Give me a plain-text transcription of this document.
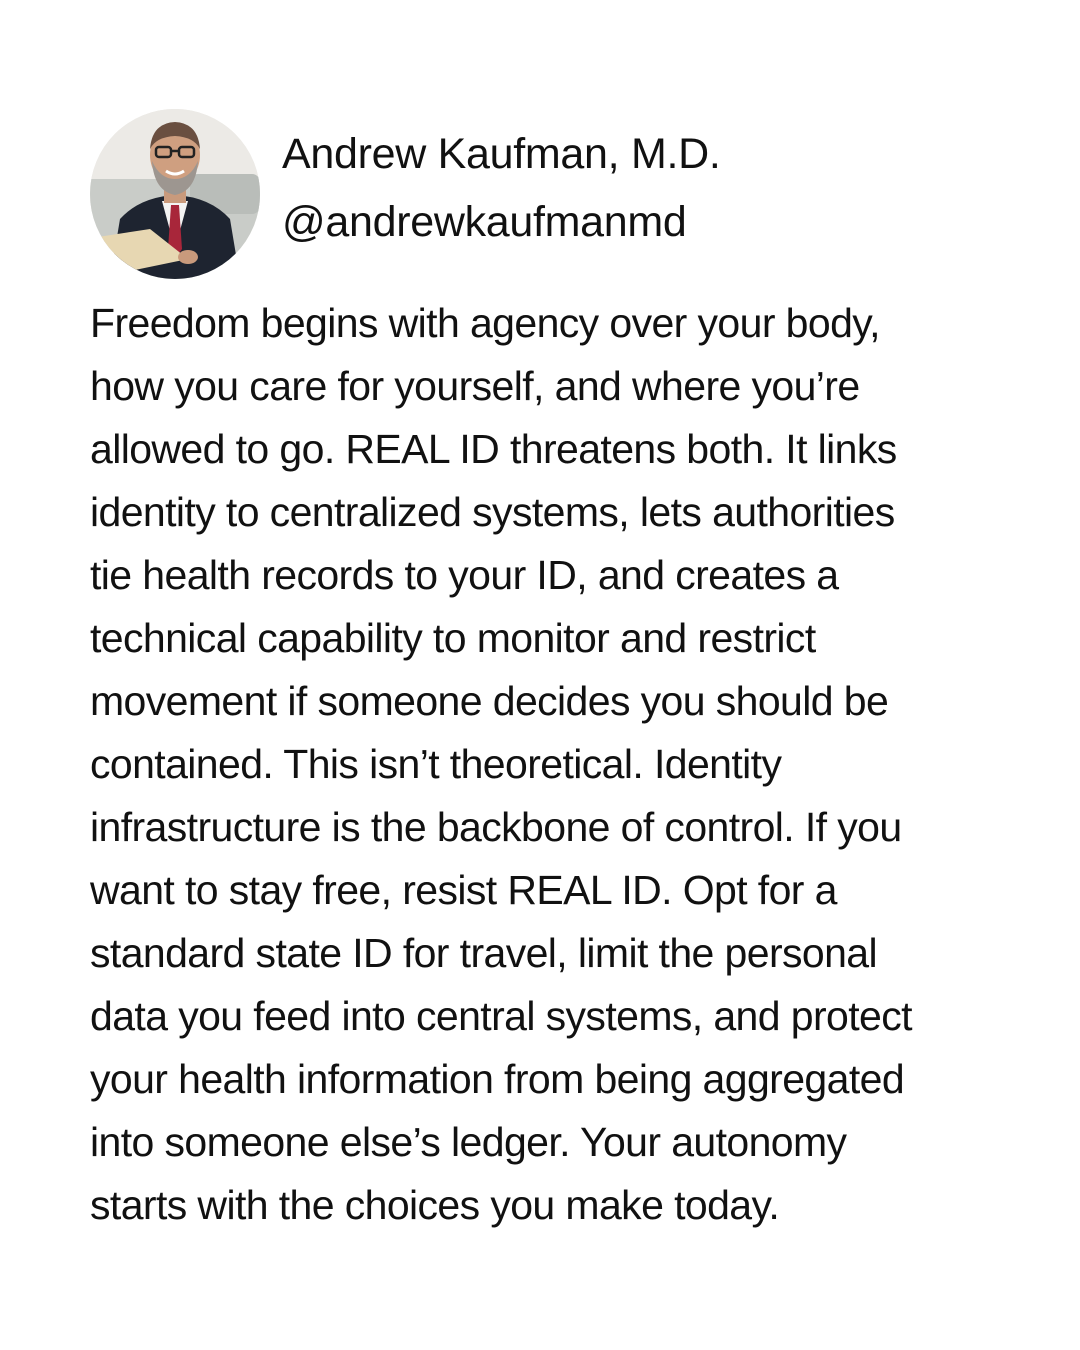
Andrew Kaufman, M.D.
@andrewkaufmanmd
Freedom begins with agency over your body,
how you care for yourself, and where you’re
allowed to go. REAL ID threatens both. It links
identity to centralized systems, lets authorities
tie health records to your ID, and creates a
technical capability to monitor and restrict
movement if someone decides you should be
contained. This isn’t theoretical. Identity
infrastructure is the backbone of control. If you
want to stay free, resist REAL ID. Opt for a
standard state ID for travel, limit the personal
data you feed into central systems, and protect
your health information from being aggregated
into someone else’s ledger. Your autonomy
starts with the choices you make today.
